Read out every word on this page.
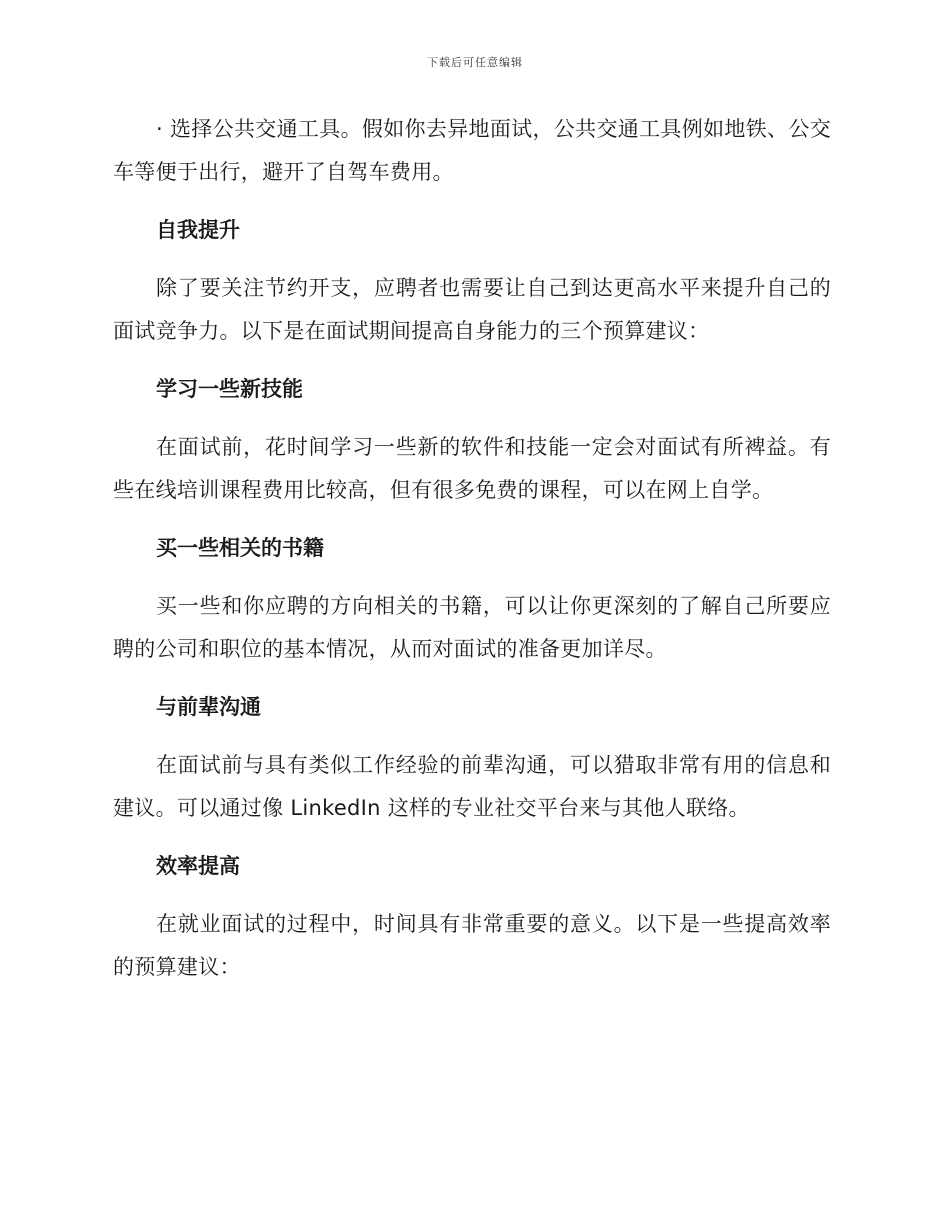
下载后可任意编辑

· 选择公共交通工具。假如你去异地面试，公共交通工具例如地铁、公交车等便于出行，避开了自驾车费用。

自我提升

除了要关注节约开支，应聘者也需要让自己到达更高水平来提升自己的面试竞争力。以下是在面试期间提高自身能力的三个预算建议：

学习一些新技能

在面试前，花时间学习一些新的软件和技能一定会对面试有所裨益。有些在线培训课程费用比较高，但有很多免费的课程，可以在网上自学。

买一些相关的书籍

买一些和你应聘的方向相关的书籍，可以让你更深刻的了解自己所要应聘的公司和职位的基本情况，从而对面试的准备更加详尽。

与前辈沟通

在面试前与具有类似工作经验的前辈沟通，可以猎取非常有用的信息和建议。可以通过像 LinkedIn 这样的专业社交平台来与其他人联络。

效率提高

在就业面试的过程中，时间具有非常重要的意义。以下是一些提高效率的预算建议：
